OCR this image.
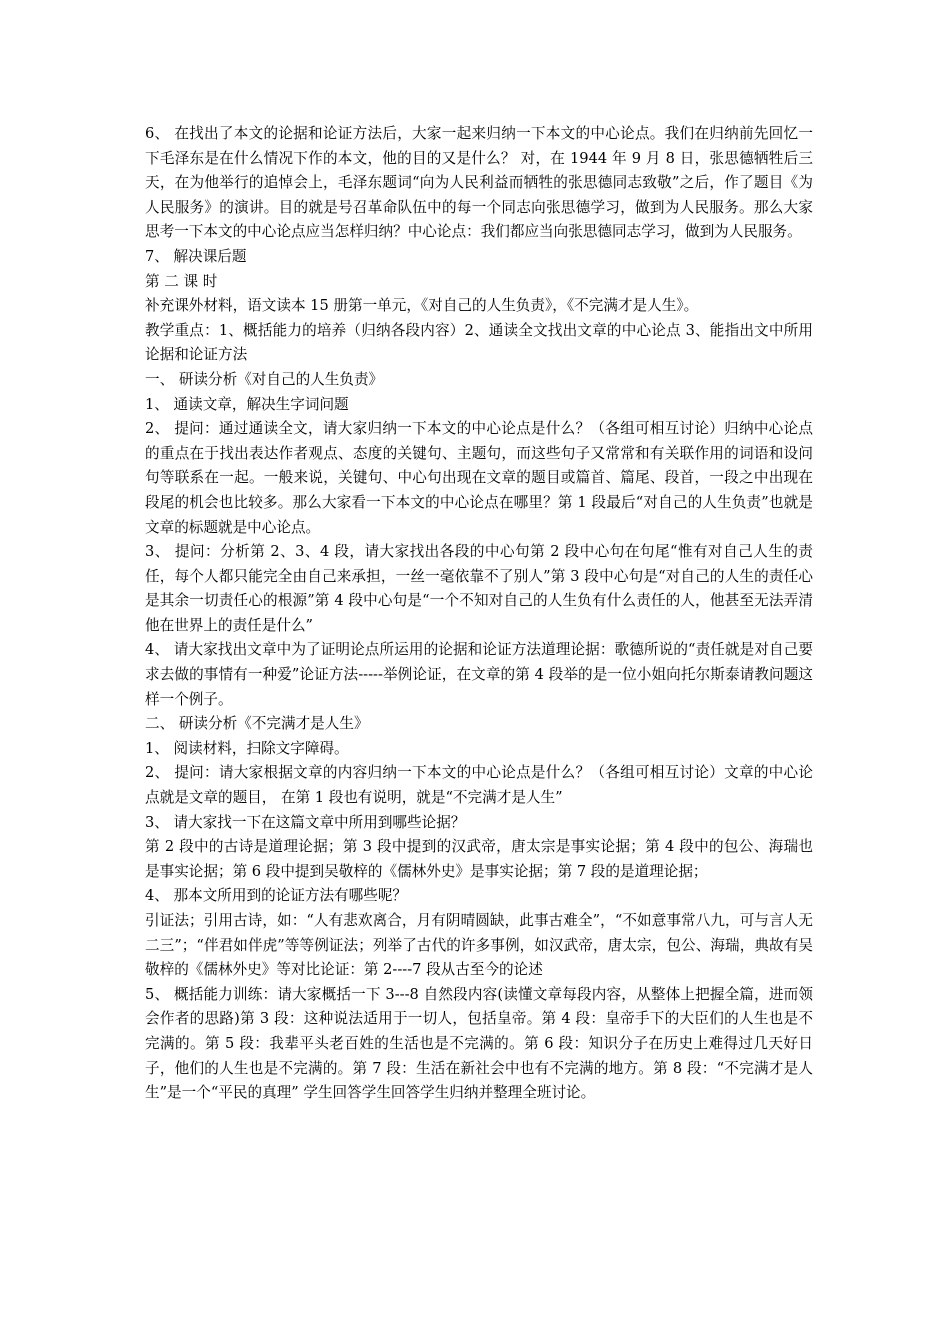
6、 在找出了本文的论据和论证方法后，大家一起来归纳一下本文的中心论点。我们在归纳前先回忆一下毛泽东是在什么情况下作的本文，他的目的又是什么？ 对，在 1944 年 9 月 8 日，张思德牺牲后三天，在为他举行的追悼会上，毛泽东题词“向为人民利益而牺牲的张思德同志致敬”之后，作了题目《为人民服务》的演讲。目的就是号召革命队伍中的每一个同志向张思德学习，做到为人民服务。那么大家思考一下本文的中心论点应当怎样归纳？中心论点：我们都应当向张思德同志学习，做到为人民服务。

7、 解决课后题

第 二 课 时

补充课外材料，语文读本 15 册第一单元，《对自己的人生负责》，《不完满才是人生》。

教学重点：1、概括能力的培养（归纳各段内容）2、通读全文找出文章的中心论点 3、能指出文中所用论据和论证方法

一、 研读分析《对自己的人生负责》

1、 通读文章，解决生字词问题

2、 提问：通过通读全文，请大家归纳一下本文的中心论点是什么？（各组可相互讨论）归纳中心论点的重点在于找出表达作者观点、态度的关键句、主题句，而这些句子又常常和有关联作用的词语和设问句等联系在一起。一般来说，关键句、中心句出现在文章的题目或篇首、篇尾、段首，一段之中出现在段尾的机会也比较多。那么大家看一下本文的中心论点在哪里？第 1 段最后“对自己的人生负责”也就是文章的标题就是中心论点。

3、 提问：分析第 2、3、4 段，请大家找出各段的中心句第 2 段中心句在句尾“惟有对自己人生的责任，每个人都只能完全由自己来承担，一丝一毫依靠不了别人”第 3 段中心句是“对自己的人生的责任心是其余一切责任心的根源”第 4 段中心句是“一个不知对自己的人生负有什么责任的人，他甚至无法弄清他在世界上的责任是什么”

4、 请大家找出文章中为了证明论点所运用的论据和论证方法道理论据：歌德所说的“责任就是对自己要求去做的事情有一种爱”论证方法-----举例论证，在文章的第 4 段举的是一位小姐向托尔斯泰请教问题这样一个例子。

二、 研读分析《不完满才是人生》

1、 阅读材料，扫除文字障碍。

2、 提问：请大家根据文章的内容归纳一下本文的中心论点是什么？（各组可相互讨论）文章的中心论点就是文章的题目， 在第 1 段也有说明，就是“不完满才是人生”

3、 请大家找一下在这篇文章中所用到哪些论据？

第 2 段中的古诗是道理论据；第 3 段中提到的汉武帝，唐太宗是事实论据；第 4 段中的包公、海瑞也是事实论据；第 6 段中提到吴敬梓的《儒林外史》是事实论据；第 7 段的是道理论据；

4、 那本文所用到的论证方法有哪些呢？

引证法；引用古诗，如：“人有悲欢离合，月有阴晴圆缺，此事古难全”，“不如意事常八九，可与言人无二三”；“伴君如伴虎”等等例证法；列举了古代的许多事例，如汉武帝，唐太宗，包公、海瑞，典故有吴敬梓的《儒林外史》等对比论证：第 2----7 段从古至今的论述

5、 概括能力训练：请大家概括一下 3---8 自然段内容(读懂文章每段内容，从整体上把握全篇，进而领会作者的思路)第 3 段：这种说法适用于一切人，包括皇帝。第 4 段：皇帝手下的大臣们的人生也是不完满的。第 5 段：我辈平头老百姓的生活也是不完满的。第 6 段：知识分子在历史上难得过几天好日子，他们的人生也是不完满的。第 7 段：生活在新社会中也有不完满的地方。第 8 段：“不完满才是人生”是一个“平民的真理” 学生回答学生回答学生归纳并整理全班讨论。
